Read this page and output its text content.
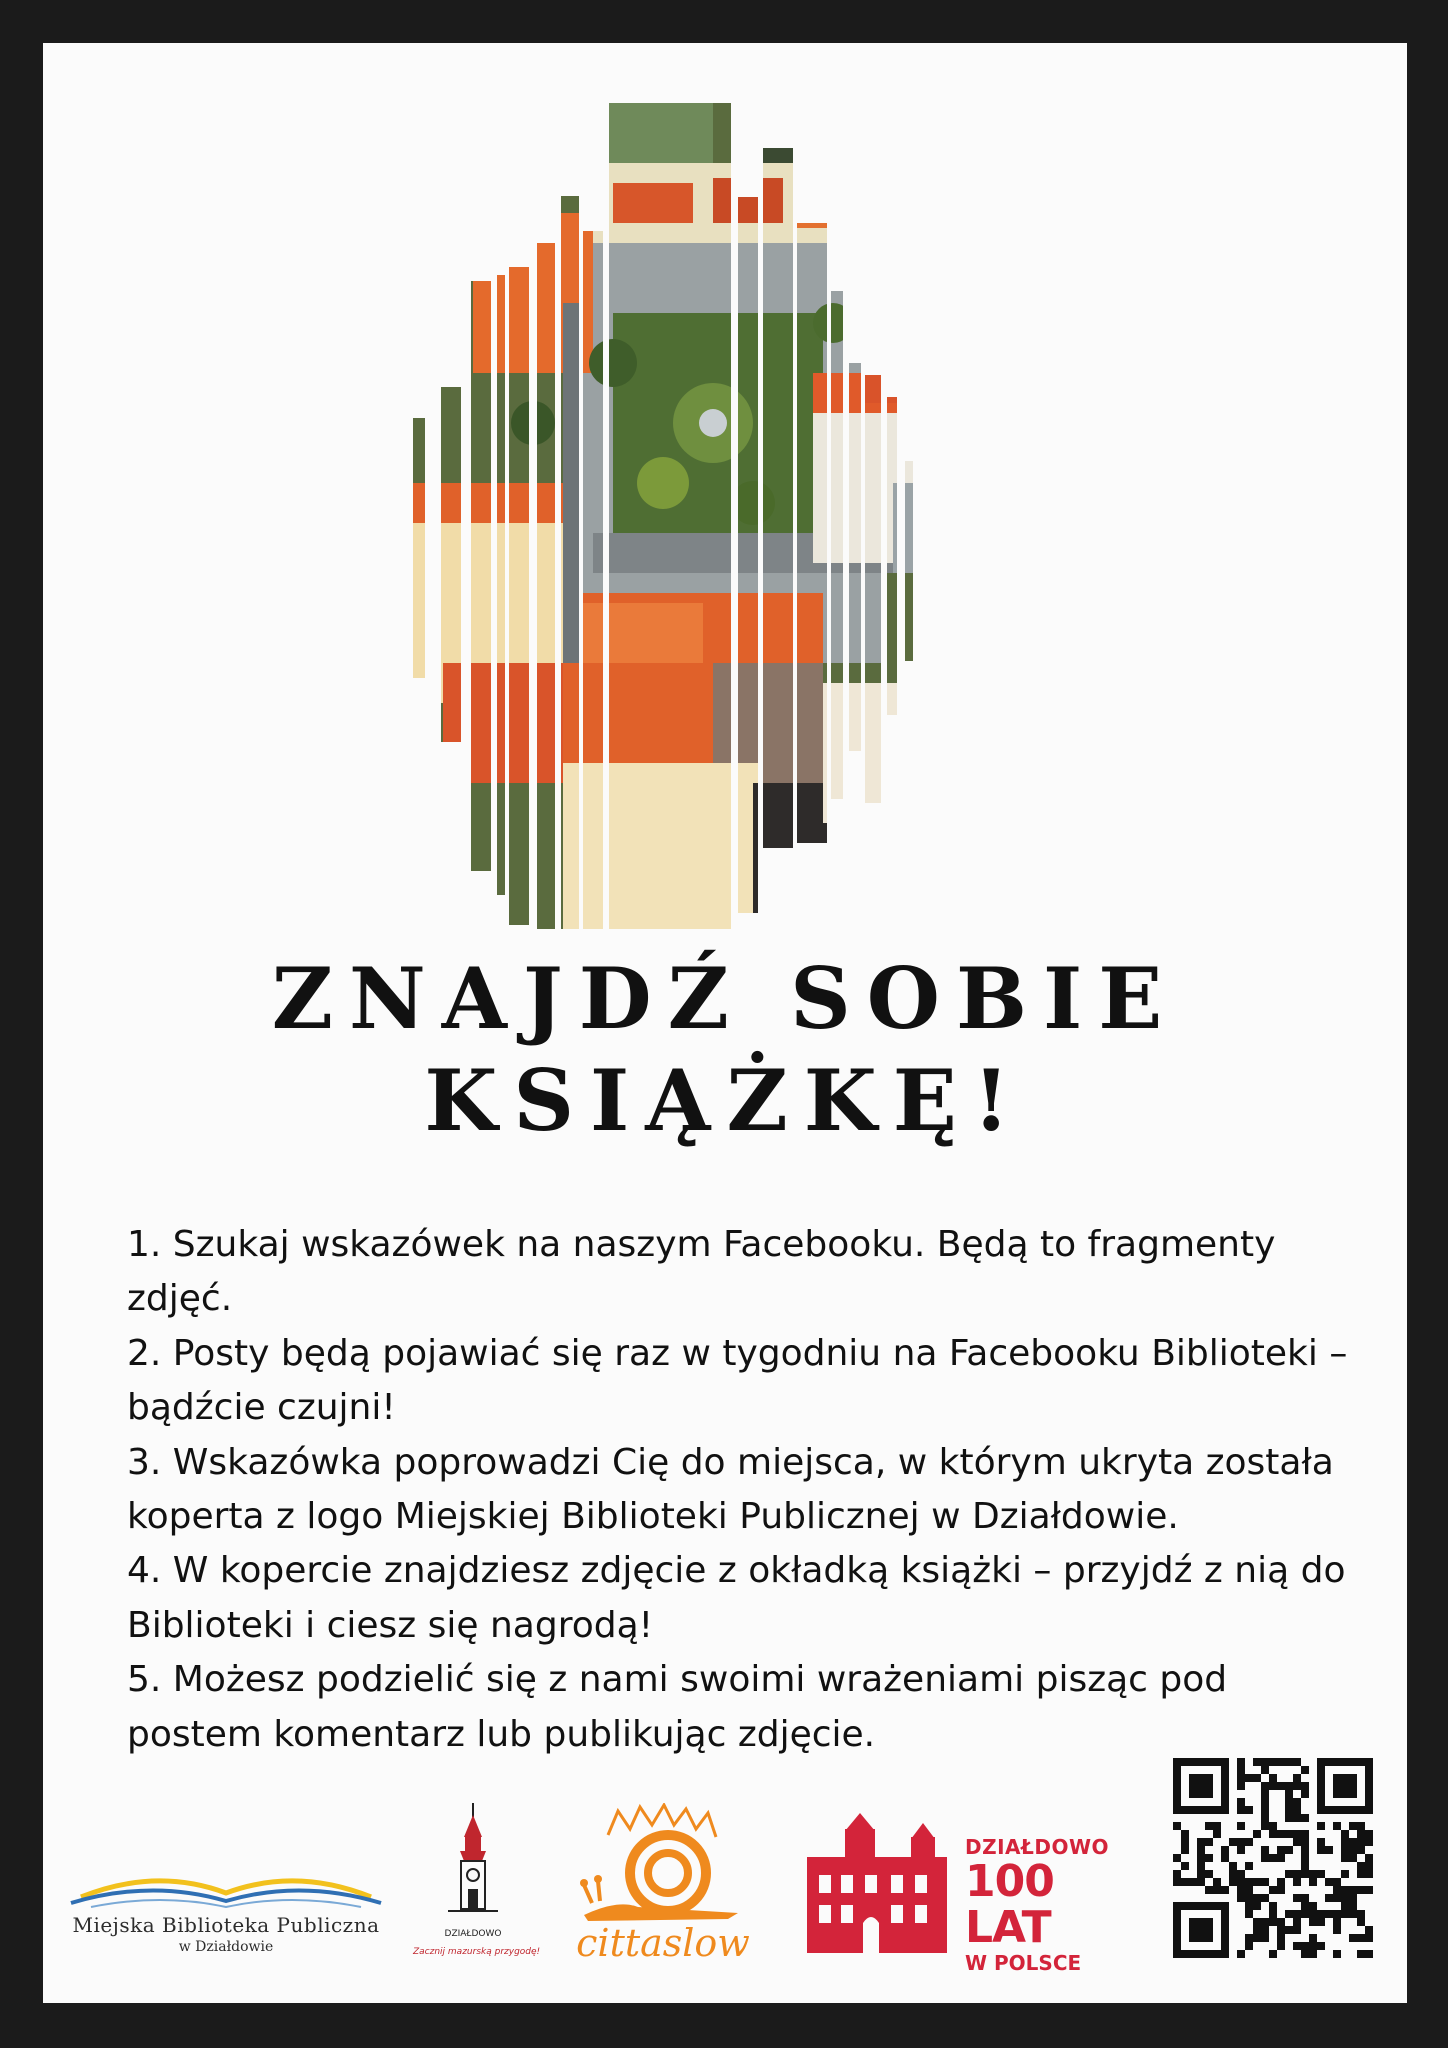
ZNAJDŹ SOBIE
KSIĄŻKĘ!

1. Szukaj wskazówek na naszym Facebooku. Będą to fragmenty zdjęć.

2. Posty będą pojawiać się raz w tygodniu na Facebooku Biblioteki – bądźcie czujni!

3. Wskazówka poprowadzi Cię do miejsca, w którym ukryta została koperta z logo Miejskiej Biblioteki Publicznej w Działdowie.

4. W kopercie znajdziesz zdjęcie z okładką książki – przyjdź z nią do Biblioteki i ciesz się nagrodą!

5. Możesz podzielić się z nami swoimi wrażeniami pisząc pod postem komentarz lub publikując zdjęcie.

Miejska Biblioteka Publiczna
w Działdowie
DZIAŁDOWO
Zacznij mazurską przygodę! cittaslow
DZIAŁDOWO
100 LAT
W POLSCE
